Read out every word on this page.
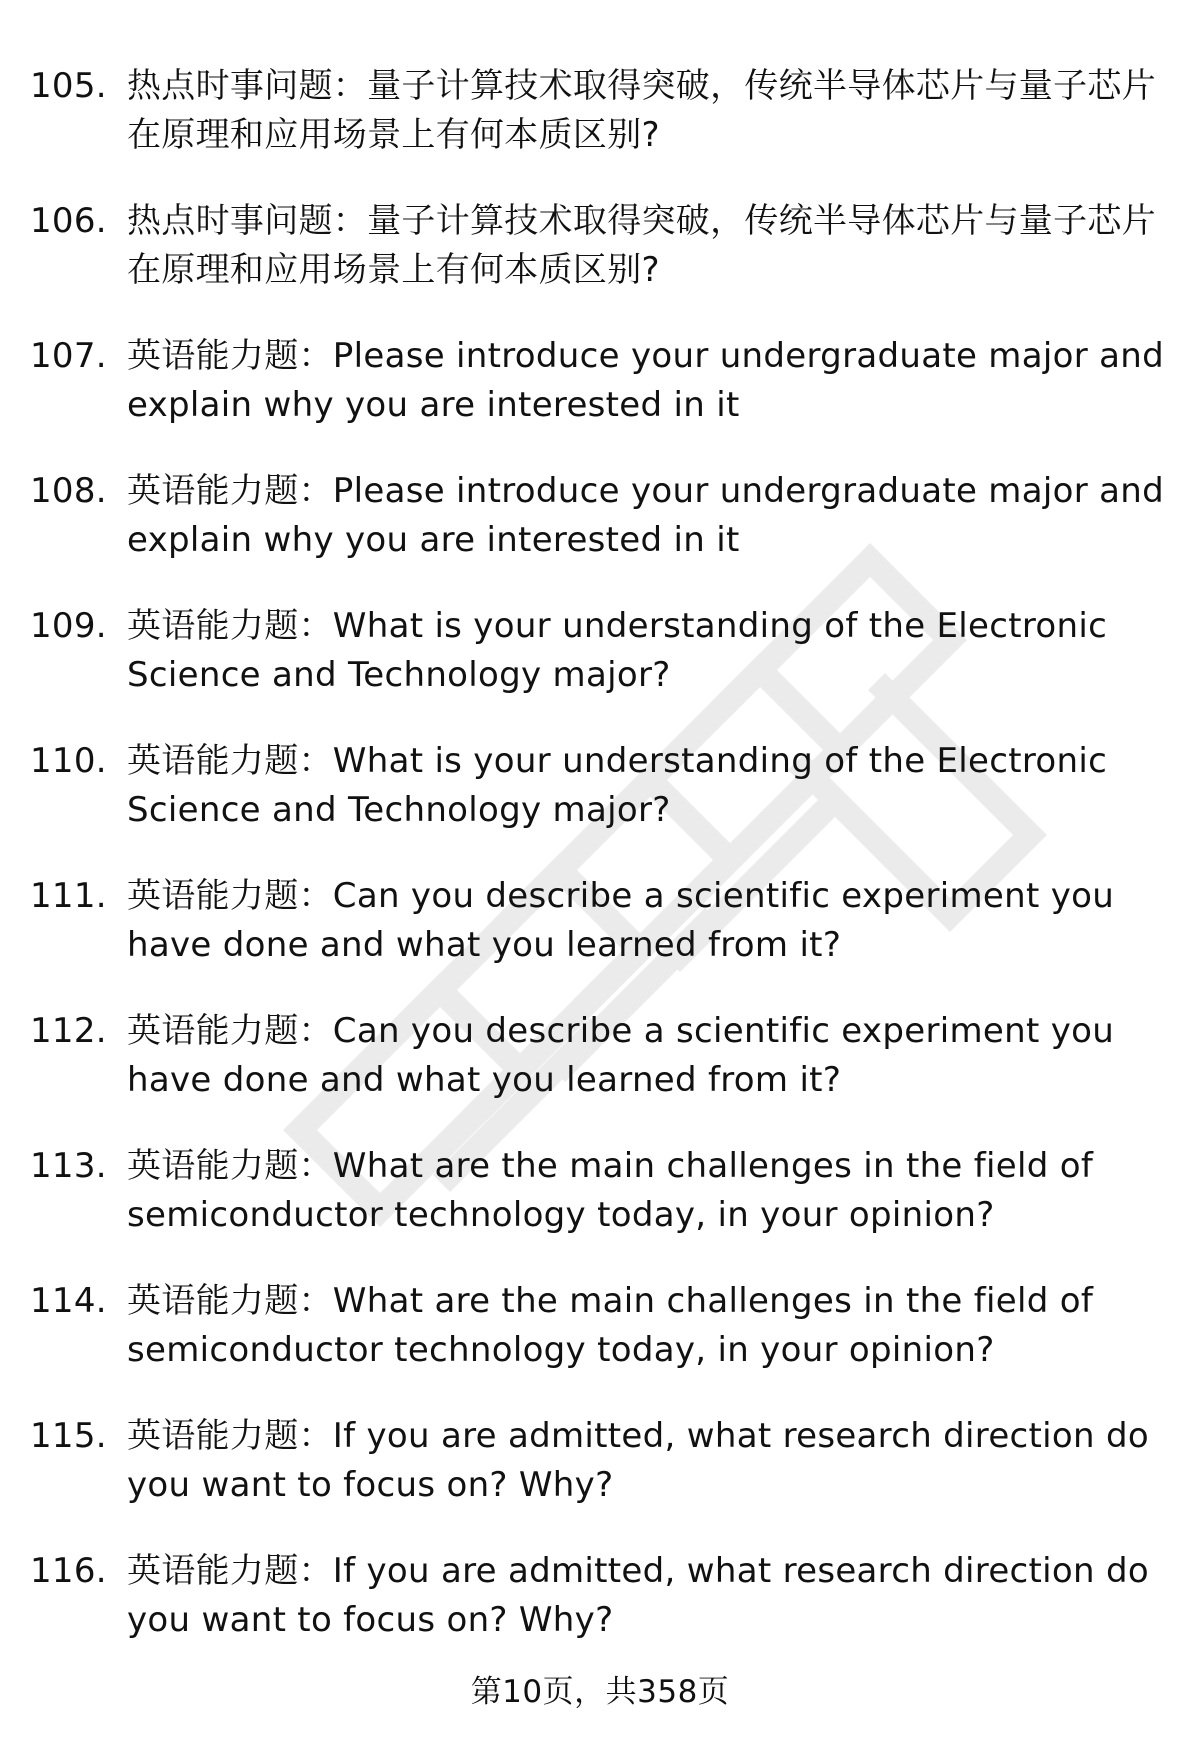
105. 热点时事问题：量子计算技术取得突破，传统半导体芯片与量子芯片在原理和应用场景上有何本质区别?
106. 热点时事问题：量子计算技术取得突破，传统半导体芯片与量子芯片在原理和应用场景上有何本质区别?
107. 英语能力题：Please introduce your undergraduate major and explain why you are interested in it
108. 英语能力题：Please introduce your undergraduate major and explain why you are interested in it
109. 英语能力题：What is your understanding of the Electronic Science and Technology major?
110. 英语能力题：What is your understanding of the Electronic Science and Technology major?
111. 英语能力题：Can you describe a scientific experiment you have done and what you learned from it?
112. 英语能力题：Can you describe a scientific experiment you have done and what you learned from it?
113. 英语能力题：What are the main challenges in the field of semiconductor technology today, in your opinion?
114. 英语能力题：What are the main challenges in the field of semiconductor technology today, in your opinion?
115. 英语能力题：If you are admitted, what research direction do you want to focus on? Why?
116. 英语能力题：If you are admitted, what research direction do you want to focus on? Why?
第10页，共358页
